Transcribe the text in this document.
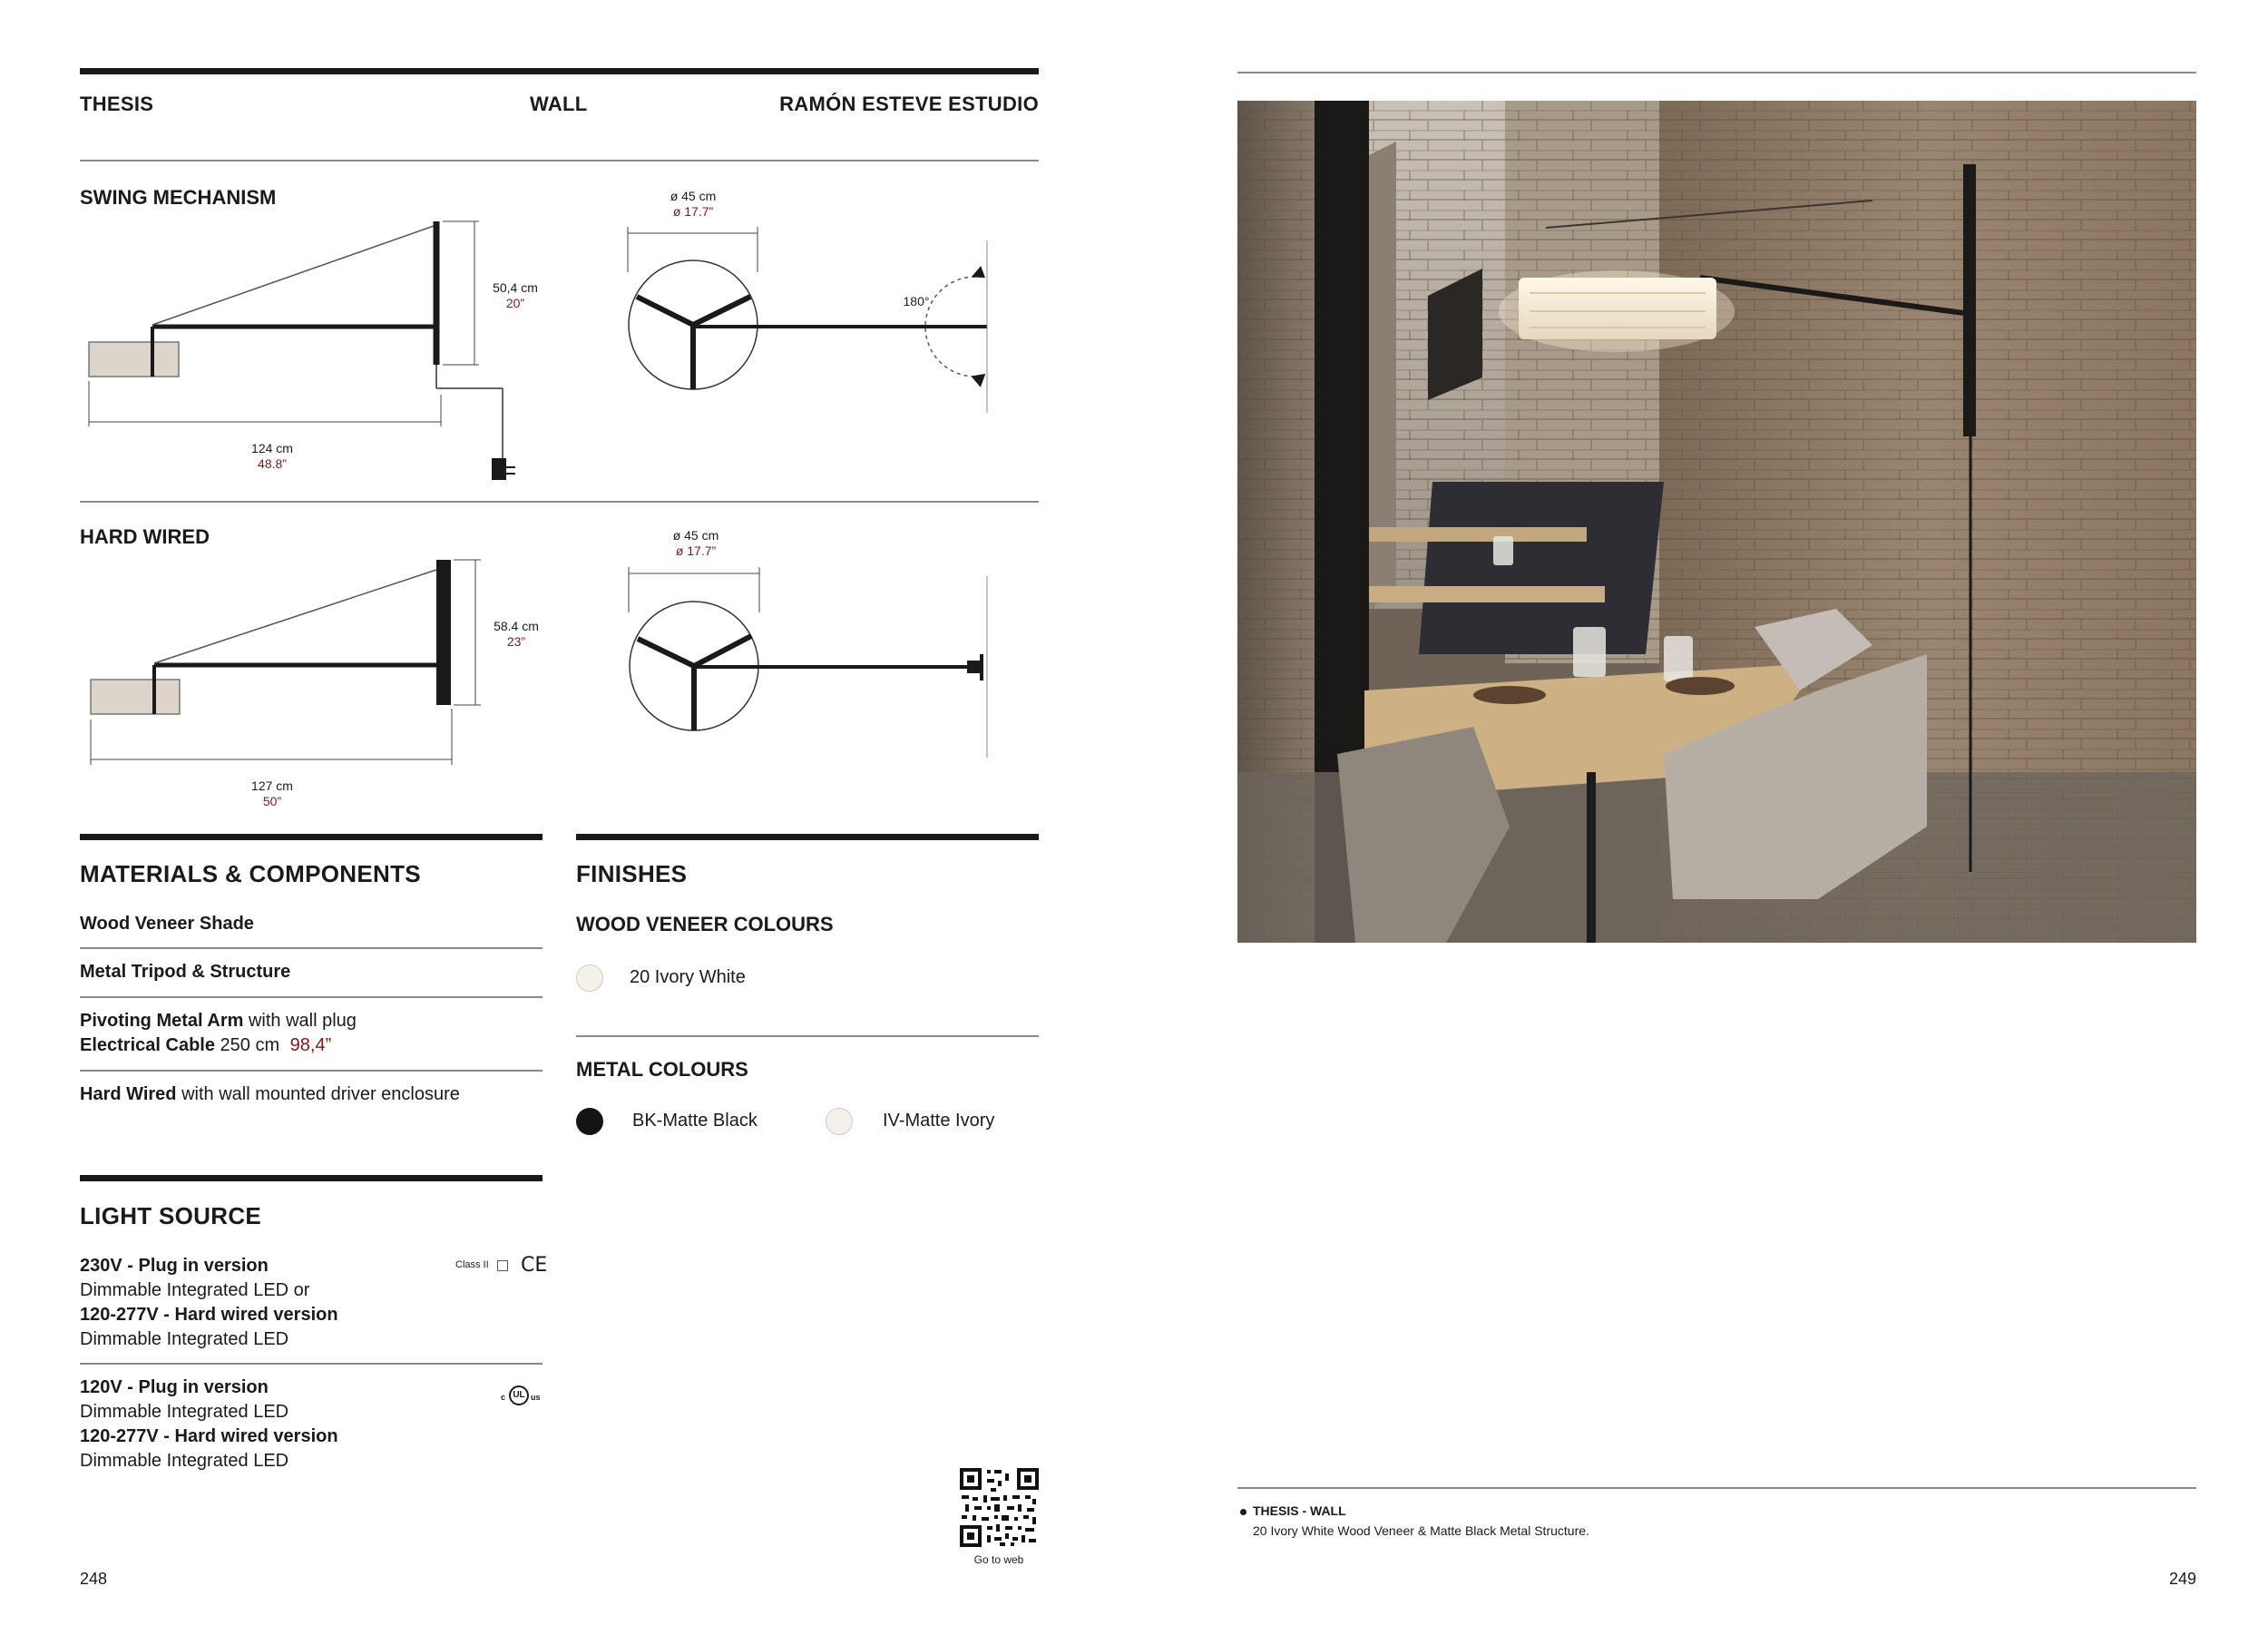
THESIS	WALL	RAMÓN ESTEVE ESTUDIO
SWING MECHANISM
50,4 cm
20”
124 cm
48.8”
ø 45 cm
ø 17.7”
180°
HARD WIRED
58.4 cm
23”
127 cm
50”
ø 45 cm
ø 17.7”
MATERIALS & COMPONENTS
Wood Veneer Shade
Metal Tripod & Structure
Pivoting Metal Arm with wall plug
Electrical Cable 250 cm 98,4”
Hard Wired with wall mounted driver enclosure
FINISHES
WOOD VENEER COLOURS
20 Ivory White
METAL COLOURS
BK-Matte Black	IV-Matte Ivory
LIGHT SOURCE
230V - Plug in version
Dimmable Integrated LED or
120-277V - Hard wired version
Dimmable Integrated LED
Class II CE
120V - Plug in version
Dimmable Integrated LED
120-277V - Hard wired version
Dimmable Integrated LED
c UL us
Go to web
248
THESIS - WALL
20 Ivory White Wood Veneer & Matte Black Metal Structure.
249
